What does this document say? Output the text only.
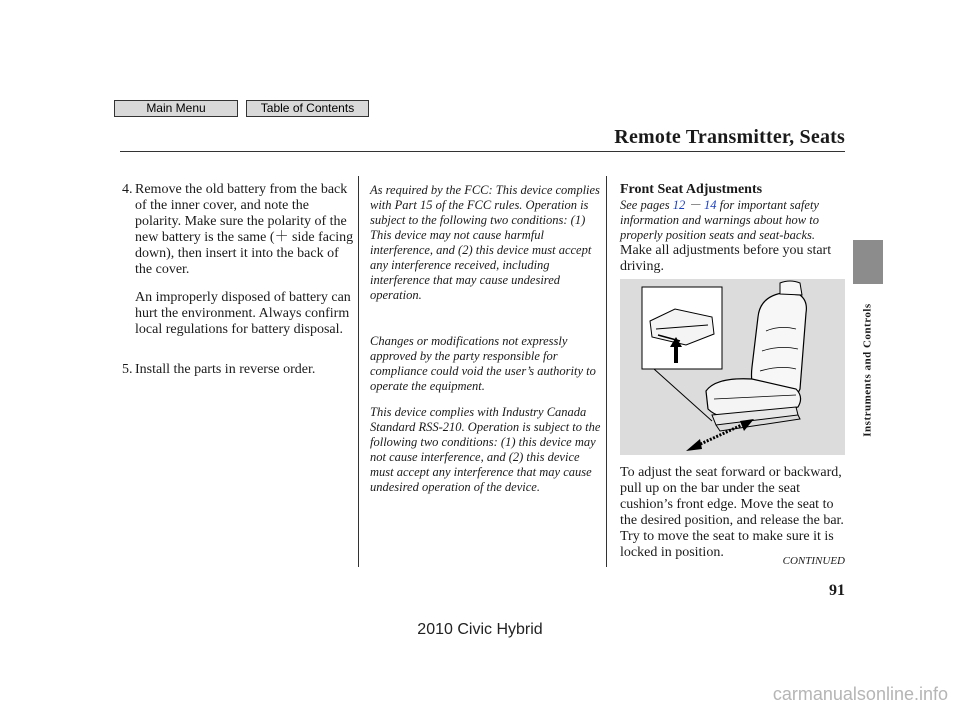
Main Menu	Table of Contents
Remote Transmitter, Seats
Instruments and Controls
4. Remove the old battery from the back of the inner cover, and note the polarity. Make sure the polarity of the new battery is the same (＋ side facing down), then insert it into the back of the cover.
An improperly disposed of battery can hurt the environment. Always confirm local regulations for battery disposal.
5. Install the parts in reverse order.
As required by the FCC: This device complies with Part 15 of the FCC rules. Operation is subject to the following two conditions: (1) This device may not cause harmful interference, and (2) this device must accept any interference received, including interference that may cause undesired operation.
Changes or modifications not expressly approved by the party responsible for compliance could void the user’s authority to operate the equipment.
This device complies with Industry Canada Standard RSS-210. Operation is subject to the following two conditions: (1) this device may not cause interference, and (2) this device must accept any interference that may cause undesired operation of the device.
Front Seat Adjustments
See pages 12 － 14 for important safety information and warnings about how to properly position seats and seat-backs.
Make all adjustments before you start driving.
To adjust the seat forward or backward, pull up on the bar under the seat cushion’s front edge. Move the seat to the desired position, and release the bar. Try to move the seat to make sure it is locked in position.
CONTINUED
91
2010 Civic Hybrid
carmanualsonline.info
